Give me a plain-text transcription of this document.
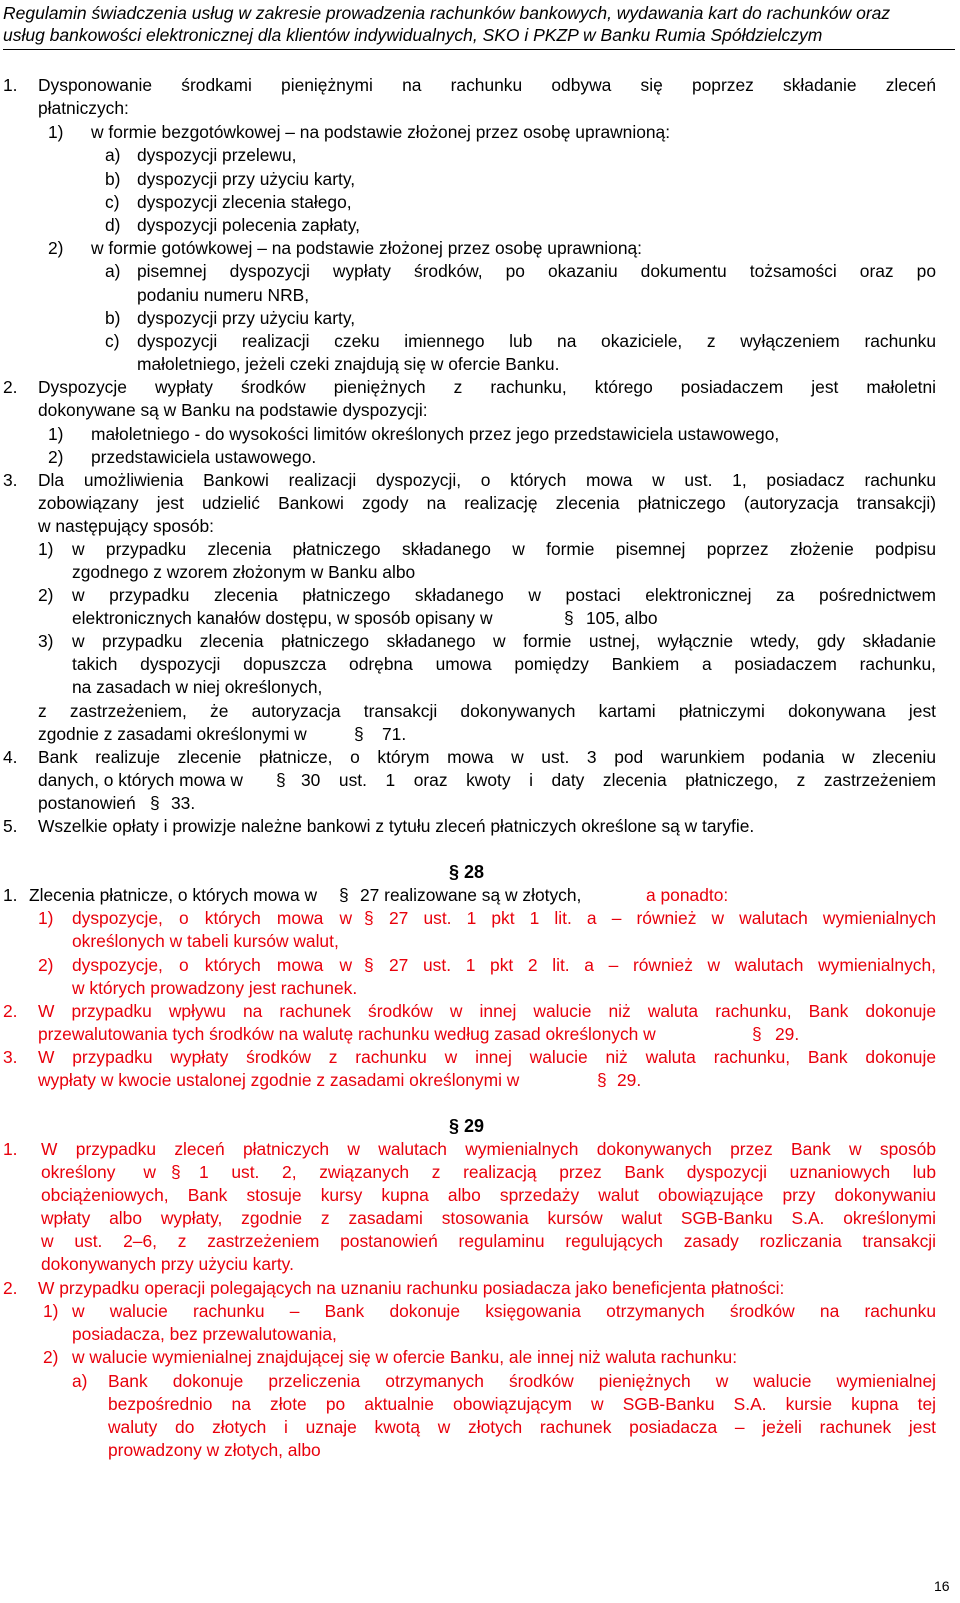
Regulamin świadczenia usług w zakresie prowadzenia rachunków bankowych, wydawania kart do rachunków oraz
usług bankowości elektronicznej dla klientów indywidualnych, SKO i PKZP w Banku Rumia Spółdzielczym
1. Dysponowanie środkami pieniężnymi na rachunku odbywa się poprzez składanie zleceń
płatniczych:
1) w formie bezgotówkowej – na podstawie złożonej przez osobę uprawnioną:
a) dyspozycji przelewu,
b) dyspozycji przy użyciu karty,
c) dyspozycji zlecenia stałego,
d) dyspozycji polecenia zapłaty,
2) w formie gotówkowej – na podstawie złożonej przez osobę uprawnioną:
a) pisemnej dyspozycji wypłaty środków, po okazaniu dokumentu tożsamości oraz po
podaniu numeru NRB,
b) dyspozycji przy użyciu karty,
c) dyspozycji realizacji czeku imiennego lub na okaziciele, z wyłączeniem rachunku
małoletniego, jeżeli czeki znajdują się w ofercie Banku.
2. Dyspozycje wypłaty środków pieniężnych z rachunku, którego posiadaczem jest małoletni
dokonywane są w Banku na podstawie dyspozycji:
1) małoletniego - do wysokości limitów określonych przez jego przedstawiciela ustawowego,
2) przedstawiciela ustawowego.
3. Dla umożliwienia Bankowi realizacji dyspozycji, o których mowa w ust. 1, posiadacz rachunku
zobowiązany jest udzielić Bankowi zgody na realizację zlecenia płatniczego (autoryzacja transakcji)
w następujący sposób:
1) w przypadku zlecenia płatniczego składanego w formie pisemnej poprzez złożenie podpisu
zgodnego z wzorem złożonym w Banku albo
2) w przypadku zlecenia płatniczego składanego w postaci elektronicznej za pośrednictwem
elektronicznych kanałów dostępu, w sposób opisany w	§ 105, albo
3) w przypadku zlecenia płatniczego składanego w formie ustnej, wyłącznie wtedy, gdy składanie
takich dyspozycji dopuszcza odrębna umowa pomiędzy Bankiem a posiadaczem rachunku,
na zasadach w niej określonych,
z zastrzeżeniem, że autoryzacja transakcji dokonywanych kartami płatniczymi dokonywana jest
zgodnie z zasadami określonymi w	§ 71.
4. Bank realizuje zlecenie płatnicze, o którym mowa w ust. 3 pod warunkiem podania w zleceniu
danych, o których mowa w § 30 ust. 1 oraz kwoty i daty zlecenia płatniczego, z zastrzeżeniem
postanowień § 33.
5. Wszelkie opłaty i prowizje należne bankowi z tytułu zleceń płatniczych określone są w taryfie.
§ 28
1. Zlecenia płatnicze, o których mowa w § 27 realizowane są w złotych,	a ponadto:
1) dyspozycje, o których mowa w § 27 ust. 1 pkt 1 lit. a – również w walutach wymienialnych
określonych w tabeli kursów walut,
2) dyspozycje, o których mowa w § 27 ust. 1 pkt 2 lit. a – również w walutach wymienialnych,
w których prowadzony jest rachunek.
2. W przypadku wpływu na rachunek środków w innej walucie niż waluta rachunku, Bank dokonuje
przewalutowania tych środków na walutę rachunku według zasad określonych w	§ 29.
3. W przypadku wypłaty środków z rachunku w innej walucie niż waluta rachunku, Bank dokonuje
wypłaty w kwocie ustalonej zgodnie z zasadami określonymi w	§ 29.
§ 29
1. W przypadku zleceń płatniczych w walutach wymienialnych dokonywanych przez Bank w sposób
określony w § 1 ust. 2, związanych z realizacją przez Bank dyspozycji uznaniowych lub
obciążeniowych, Bank stosuje kursy kupna albo sprzedaży walut obowiązujące przy dokonywaniu
wpłaty albo wypłaty, zgodnie z zasadami stosowania kursów walut SGB-Banku S.A. określonymi
w ust. 2–6, z zastrzeżeniem postanowień regulaminu regulujących zasady rozliczania transakcji
dokonywanych przy użyciu karty.
2. W przypadku operacji polegających na uznaniu rachunku posiadacza jako beneficjenta płatności:
1) w walucie rachunku – Bank dokonuje księgowania otrzymanych środków na rachunku
posiadacza, bez przewalutowania,
2) w walucie wymienialnej znajdującej się w ofercie Banku, ale innej niż waluta rachunku:
a) Bank dokonuje przeliczenia otrzymanych środków pieniężnych w walucie wymienialnej
bezpośrednio na złote po aktualnie obowiązującym w SGB-Banku S.A. kursie kupna tej
waluty do złotych i uznaje kwotą w złotych rachunek posiadacza – jeżeli rachunek jest
prowadzony w złotych, albo
16
